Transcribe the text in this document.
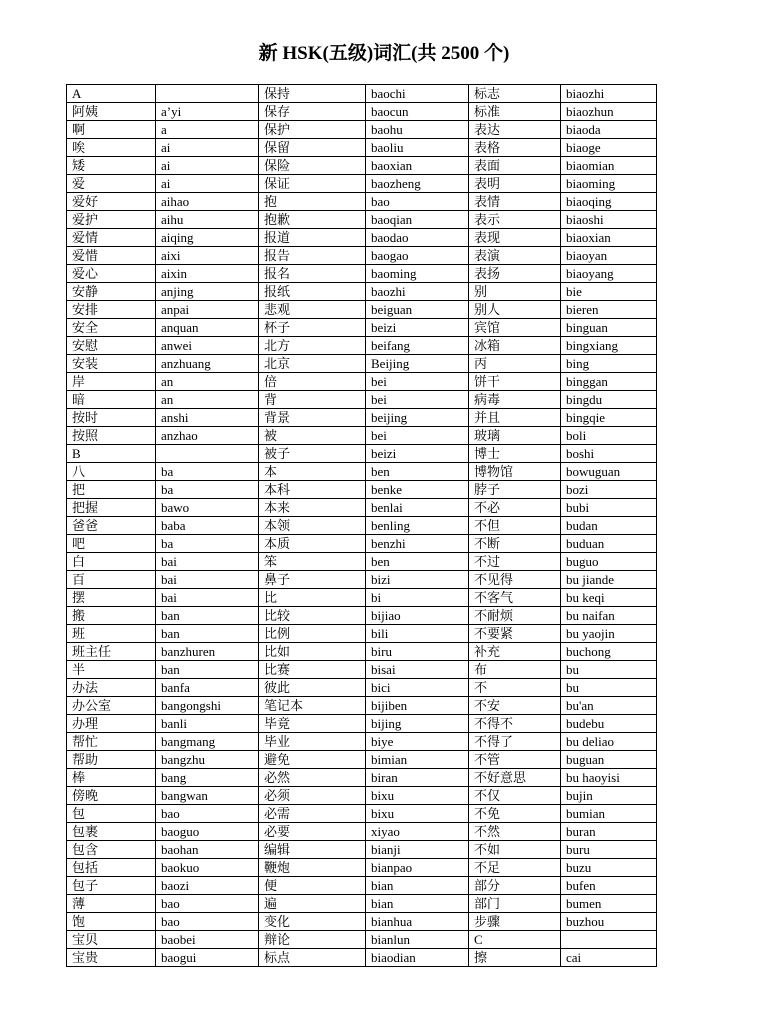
新 HSK(五级)词汇(共 2500 个)
A		保持	baochi	标志	biaozhi
阿姨	a’yi	保存	baocun	标准	biaozhun
啊	a	保护	baohu	表达	biaoda
唉	ai	保留	baoliu	表格	biaoge
矮	ai	保险	baoxian	表面	biaomian
爱	ai	保证	baozheng	表明	biaoming
爱好	aihao	抱	bao	表情	biaoqing
爱护	aihu	抱歉	baoqian	表示	biaoshi
爱情	aiqing	报道	baodao	表现	biaoxian
爱惜	aixi	报告	baogao	表演	biaoyan
爱心	aixin	报名	baoming	表扬	biaoyang
安静	anjing	报纸	baozhi	别	bie
安排	anpai	悲观	beiguan	别人	bieren
安全	anquan	杯子	beizi	宾馆	binguan
安慰	anwei	北方	beifang	冰箱	bingxiang
安装	anzhuang	北京	Beijing	丙	bing
岸	an	倍	bei	饼干	binggan
暗	an	背	bei	病毒	bingdu
按时	anshi	背景	beijing	并且	bingqie
按照	anzhao	被	bei	玻璃	boli
B		被子	beizi	博士	boshi
八	ba	本	ben	博物馆	bowuguan
把	ba	本科	benke	脖子	bozi
把握	bawo	本来	benlai	不必	bubi
爸爸	baba	本领	benling	不但	budan
吧	ba	本质	benzhi	不断	buduan
白	bai	笨	ben	不过	buguo
百	bai	鼻子	bizi	不见得	bu jiande
摆	bai	比	bi	不客气	bu keqi
搬	ban	比较	bijiao	不耐烦	bu naifan
班	ban	比例	bili	不要紧	bu yaojin
班主任	banzhuren	比如	biru	补充	buchong
半	ban	比赛	bisai	布	bu
办法	banfa	彼此	bici	不	bu
办公室	bangongshi	笔记本	bijiben	不安	bu'an
办理	banli	毕竟	bijing	不得不	budebu
帮忙	bangmang	毕业	biye	不得了	bu deliao
帮助	bangzhu	避免	bimian	不管	buguan
棒	bang	必然	biran	不好意思	bu haoyisi
傍晚	bangwan	必须	bixu	不仅	bujin
包	bao	必需	bixu	不免	bumian
包裹	baoguo	必要	xiyao	不然	buran
包含	baohan	编辑	bianji	不如	buru
包括	baokuo	鞭炮	bianpao	不足	buzu
包子	baozi	便	bian	部分	bufen
薄	bao	遍	bian	部门	bumen
饱	bao	变化	bianhua	步骤	buzhou
宝贝	baobei	辩论	bianlun	C	
宝贵	baogui	标点	biaodian	擦	cai
